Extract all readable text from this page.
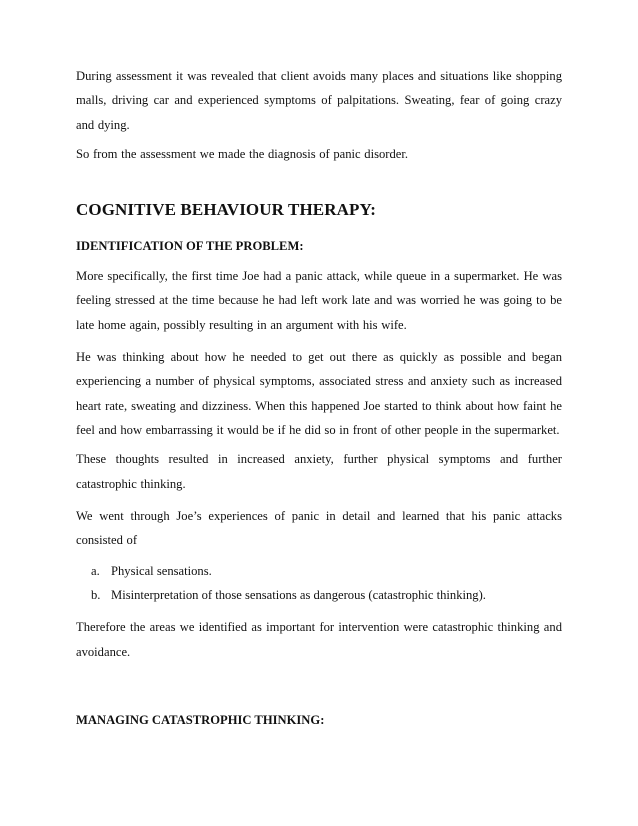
During assessment it was revealed that client avoids many places and situations like shopping malls, driving car and experienced symptoms of palpitations. Sweating, fear of going crazy and dying.

So from the assessment we made the diagnosis of panic disorder.

COGNITIVE BEHAVIOUR THERAPY:
IDENTIFICATION OF THE PROBLEM:

More specifically, the first time Joe had a panic attack, while queue in a supermarket. He was feeling stressed at the time because he had left work late and was worried he was going to be late home again, possibly resulting in an argument with his wife.

He was thinking about how he needed to get out there as quickly as possible and began experiencing a number of physical symptoms, associated stress and anxiety such as increased heart rate, sweating and dizziness. When this happened Joe started to think about how faint he feel and how embarrassing it would be if he did so in front of other people in the supermarket.

These thoughts resulted in increased anxiety, further physical symptoms and further catastrophic thinking.

We went through Joe’s experiences of panic in detail and learned that his panic attacks consisted of

a. Physical sensations.
b. Misinterpretation of those sensations as dangerous (catastrophic thinking).

Therefore the areas we identified as important for intervention were catastrophic thinking and avoidance.

MANAGING CATASTROPHIC THINKING:
